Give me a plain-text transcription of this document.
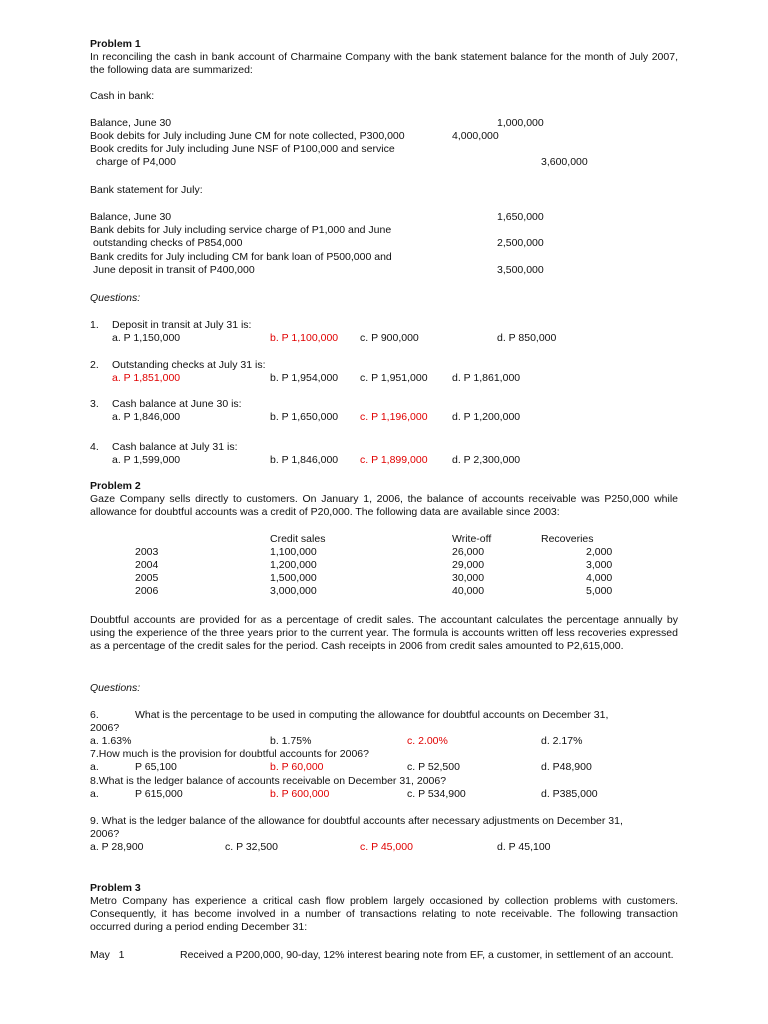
Problem 1
In reconciling the cash in bank account of Charmaine Company with the bank statement balance for the month of July 2007, the following data are summarized:
Cash in bank:
Balance, June 30	1,000,000
Book debits for July including June CM for note collected, P300,000	4,000,000
Book credits for July including June NSF of P100,000 and service
charge of P4,000	3,600,000
Bank statement for July:
Balance, June 30	1,650,000
Bank debits for July including service charge of P1,000 and June
outstanding checks of P854,000	2,500,000
Bank credits for July including CM for bank loan of P500,000 and
June deposit in transit of P400,000	3,500,000
Questions:
1. Deposit in transit at July 31 is:
a. P 1,150,000	b. P 1,100,000 c. P 900,000	d. P 850,000
2. Outstanding checks at July 31 is:
a. P 1,851,000	b. P 1,954,000 c. P 1,951,000 d. P 1,861,000
3. Cash balance at June 30 is:
a. P 1,846,000	b. P 1,650,000 c. P 1,196,000 d. P 1,200,000
4. Cash balance at July 31 is:
a. P 1,599,000	b. P 1,846,000 c. P 1,899,000 d. P 2,300,000
Problem 2
Gaze Company sells directly to customers. On January 1, 2006, the balance of accounts receivable was P250,000 while allowance for doubtful accounts was a credit of P20,000. The following data are available since 2003:
Credit sales	Write-off	Recoveries
2003	1,100,000	26,000	2,000
2004	1,200,000	29,000	3,000
2005	1,500,000	30,000	4,000
2006	3,000,000	40,000	5,000
Doubtful accounts are provided for as a percentage of credit sales. The accountant calculates the percentage annually by using the experience of the three years prior to the current year. The formula is accounts written off less recoveries expressed as a percentage of the credit sales for the period. Cash receipts in 2006 from credit sales amounted to P2,615,000.
Questions:
6.	What is the percentage to be used in computing the allowance for doubtful accounts on December 31,
2006?
a. 1.63%	b. 1.75%	c. 2.00%	d. 2.17%
7.How much is the provision for doubtful accounts for 2006?
a.	P 65,100	b. P 60,000	c. P 52,500	d. P48,900
8.What is the ledger balance of accounts receivable on December 31, 2006?
a.	P 615,000	b. P 600,000	c. P 534,900	d. P385,000
9. What is the ledger balance of the allowance for doubtful accounts after necessary adjustments on December 31,
2006?
a. P 28,900	c. P 32,500	c. P 45,000	d. P 45,100
Problem 3
Metro Company has experience a critical cash flow problem largely occasioned by collection problems with customers. Consequently, it has become involved in a number of transactions relating to note receivable. The following transaction occurred during a period ending December 31:
May   1	Received a P200,000, 90-day, 12% interest bearing note from EF, a customer, in settlement of an account.
